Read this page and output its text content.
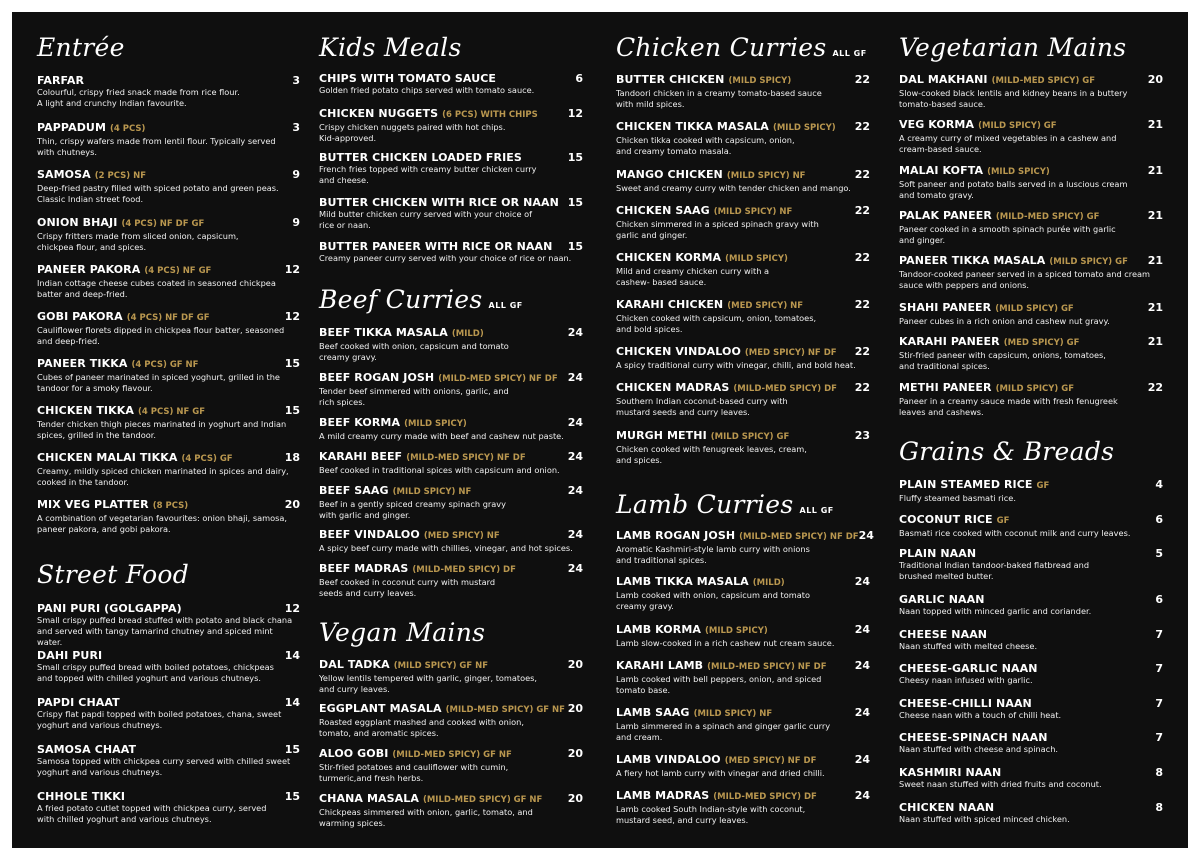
Entrée
FARFAR	3
Colourful, crispy fried snack made from rice flour.
A light and crunchy Indian favourite.
PAPPADUM (4 PCS)	3
Thin, crispy wafers made from lentil flour. Typically served
with chutneys.
SAMOSA (2 PCS) NF	9
Deep-fried pastry filled with spiced potato and green peas.
Classic Indian street food.
ONION BHAJI (4 PCS) NF DF GF	9
Crispy fritters made from sliced onion, capsicum,
chickpea flour, and spices.
PANEER PAKORA (4 PCS) NF GF	12
Indian cottage cheese cubes coated in seasoned chickpea
batter and deep-fried.
GOBI PAKORA (4 PCS) NF DF GF	12
Cauliflower florets dipped in chickpea flour batter, seasoned
and deep-fried.
PANEER TIKKA (4 PCS) GF NF	15
Cubes of paneer marinated in spiced yoghurt, grilled in the
tandoor for a smoky flavour.
CHICKEN TIKKA (4 PCS) NF GF	15
Tender chicken thigh pieces marinated in yoghurt and Indian
spices, grilled in the tandoor.
CHICKEN MALAI TIKKA (4 PCS) GF	18
Creamy, mildly spiced chicken marinated in spices and dairy,
cooked in the tandoor.
MIX VEG PLATTER (8 PCS)	20
A combination of vegetarian favourites: onion bhaji, samosa,
paneer pakora, and gobi pakora.
Street Food
PANI PURI (GOLGAPPA)	12
Small crispy puffed bread stuffed with potato and black chana
and served with tangy tamarind chutney and spiced mint water.
DAHI PURI	14
Small crispy puffed bread with boiled potatoes, chickpeas
and topped with chilled yoghurt and various chutneys.
PAPDI CHAAT	14
Crispy flat papdi topped with boiled potatoes, chana, sweet
yoghurt and various chutneys.
SAMOSA CHAAT	15
Samosa topped with chickpea curry served with chilled sweet
yoghurt and various chutneys.
CHHOLE TIKKI	15
A fried potato cutlet topped with chickpea curry, served
with chilled yoghurt and various chutneys.
Kids Meals
CHIPS WITH TOMATO SAUCE	6
Golden fried potato chips served with tomato sauce.
CHICKEN NUGGETS (6 PCS) WITH CHIPS	12
Crispy chicken nuggets paired with hot chips.
Kid-approved.
BUTTER CHICKEN LOADED FRIES	15
French fries topped with creamy butter chicken curry
and cheese.
BUTTER CHICKEN WITH RICE OR NAAN 15
Mild butter chicken curry served with your choice of
rice or naan.
BUTTER PANEER WITH RICE OR NAAN 15
Creamy paneer curry served with your choice of rice or naan.
Beef Curries ALL GF
BEEF TIKKA MASALA (MILD)	24
Beef cooked with onion, capsicum and tomato
creamy gravy.
BEEF ROGAN JOSH (MILD-MED SPICY) NF DF 24
Tender beef simmered with onions, garlic, and
rich spices.
BEEF KORMA (MILD SPICY)	24
A mild creamy curry made with beef and cashew nut paste.
KARAHI BEEF (MILD-MED SPICY) NF DF	24
Beef cooked in traditional spices with capsicum and onion.
BEEF SAAG (MILD SPICY) NF	24
Beef in a gently spiced creamy spinach gravy
with garlic and ginger.
BEEF VINDALOO (MED SPICY) NF	24
A spicy beef curry made with chillies, vinegar, and hot spices.
BEEF MADRAS (MILD-MED SPICY) DF	24
Beef cooked in coconut curry with mustard
seeds and curry leaves.
Vegan Mains
DAL TADKA (MILD SPICY) GF NF	20
Yellow lentils tempered with garlic, ginger, tomatoes,
and curry leaves.
EGGPLANT MASALA (MILD-MED SPICY) GF NF 20
Roasted eggplant mashed and cooked with onion,
tomato, and aromatic spices.
ALOO GOBI (MILD-MED SPICY) GF NF	20
Stir-fried potatoes and cauliflower with cumin,
turmeric,and fresh herbs.
CHANA MASALA (MILD-MED SPICY) GF NF 20
Chickpeas simmered with onion, garlic, tomato, and
warming spices.
Chicken Curries ALL GF
BUTTER CHICKEN (MILD SPICY)	22
Tandoori chicken in a creamy tomato-based sauce
with mild spices.
CHICKEN TIKKA MASALA (MILD SPICY) 22
Chicken tikka cooked with capsicum, onion,
and creamy tomato masala.
MANGO CHICKEN (MILD SPICY) NF	22
Sweet and creamy curry with tender chicken and mango.
CHICKEN SAAG (MILD SPICY) NF	22
Chicken simmered in a spiced spinach gravy with
garlic and ginger.
CHICKEN KORMA (MILD SPICY)	22
Mild and creamy chicken curry with a
cashew- based sauce.
KARAHI CHICKEN (MED SPICY) NF	22
Chicken cooked with capsicum, onion, tomatoes,
and bold spices.
CHICKEN VINDALOO (MED SPICY) NF DF 22
A spicy traditional curry with vinegar, chilli, and bold heat.
CHICKEN MADRAS (MILD-MED SPICY) DF 22
Southern Indian coconut-based curry with
mustard seeds and curry leaves.
MURGH METHI (MILD SPICY) GF	23
Chicken cooked with fenugreek leaves, cream,
and spices.
Lamb Curries ALL GF
LAMB ROGAN JOSH (MILD-MED SPICY) NF DF 24
Aromatic Kashmiri-style lamb curry with onions
and traditional spices.
LAMB TIKKA MASALA (MILD)	24
Lamb cooked with onion, capsicum and tomato
creamy gravy.
LAMB KORMA (MILD SPICY)	24
Lamb slow-cooked in a rich cashew nut cream sauce.
KARAHI LAMB (MILD-MED SPICY) NF DF	24
Lamb cooked with bell peppers, onion, and spiced
tomato base.
LAMB SAAG (MILD SPICY) NF	24
Lamb simmered in a spinach and ginger garlic curry
and cream.
LAMB VINDALOO (MED SPICY) NF DF	24
A fiery hot lamb curry with vinegar and dried chilli.
LAMB MADRAS (MILD-MED SPICY) DF	24
Lamb cooked South Indian-style with coconut,
mustard seed, and curry leaves.
Vegetarian Mains
DAL MAKHANI (MILD-MED SPICY) GF	20
Slow-cooked black lentils and kidney beans in a buttery
tomato-based sauce.
VEG KORMA (MILD SPICY) GF	21
A creamy curry of mixed vegetables in a cashew and
cream-based sauce.
MALAI KOFTA (MILD SPICY)	21
Soft paneer and potato balls served in a luscious cream
and tomato gravy.
PALAK PANEER (MILD-MED SPICY) GF	21
Paneer cooked in a smooth spinach purée with garlic
and ginger.
PANEER TIKKA MASALA (MILD SPICY) GF 21
Tandoor-cooked paneer served in a spiced tomato and cream
sauce with peppers and onions.
SHAHI PANEER (MILD SPICY) GF	21
Paneer cubes in a rich onion and cashew nut gravy.
KARAHI PANEER (MED SPICY) GF	21
Stir-fried paneer with capsicum, onions, tomatoes,
and traditional spices.
METHI PANEER (MILD SPICY) GF	22
Paneer in a creamy sauce made with fresh fenugreek
leaves and cashews.
Grains & Breads
PLAIN STEAMED RICE GF	4
Fluffy steamed basmati rice.
COCONUT RICE GF	6
Basmati rice cooked with coconut milk and curry leaves.
PLAIN NAAN	5
Traditional Indian tandoor-baked flatbread and
brushed melted butter.
GARLIC NAAN	6
Naan topped with minced garlic and coriander.
CHEESE NAAN	7
Naan stuffed with melted cheese.
CHEESE-GARLIC NAAN	7
Cheesy naan infused with garlic.
CHEESE-CHILLI NAAN	7
Cheese naan with a touch of chilli heat.
CHEESE-SPINACH NAAN	7
Naan stuffed with cheese and spinach.
KASHMIRI NAAN	8
Sweet naan stuffed with dried fruits and coconut.
CHICKEN NAAN	8
Naan stuffed with spiced minced chicken.
